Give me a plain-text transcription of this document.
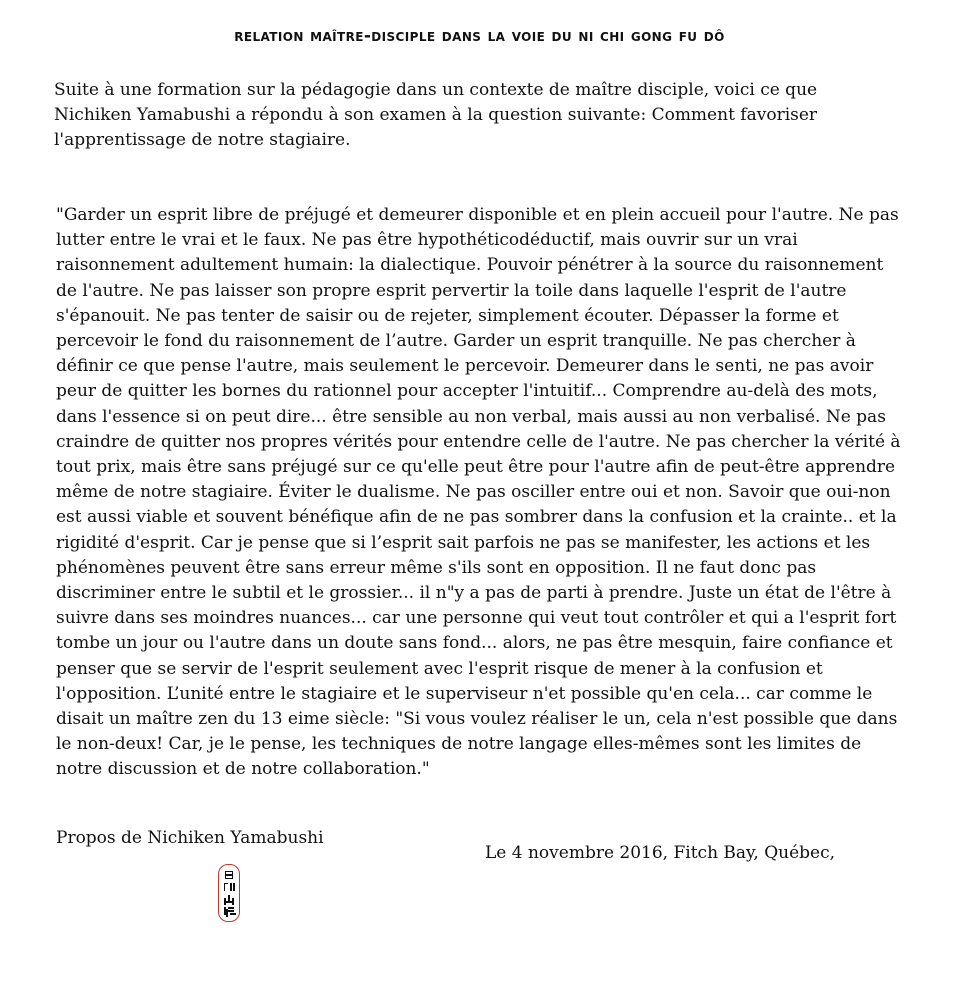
relation maître-disciple dans la voie du ni chi gong fu dô

Suite à une formation sur la pédagogie dans un contexte de maître disciple, voici ce que Nichiken Yamabushi a répondu à son examen à la question suivante: Comment favoriser l'apprentissage de notre stagiaire.

"Garder un esprit libre de préjugé et demeurer disponible et en plein accueil pour l'autre. Ne pas lutter entre le vrai et le faux. Ne pas être hypothéticodéductif, mais ouvrir sur un vrai raisonnement adultement humain: la dialectique. Pouvoir pénétrer à la source du raisonnement de l'autre. Ne pas laisser son propre esprit pervertir la toile dans laquelle l'esprit de l'autre s'épanouit. Ne pas tenter de saisir ou de rejeter, simplement écouter. Dépasser la forme et percevoir le fond du raisonnement de l’autre. Garder un esprit tranquille. Ne pas chercher à définir ce que pense l'autre, mais seulement le percevoir. Demeurer dans le senti, ne pas avoir peur de quitter les bornes du rationnel pour accepter l'intuitif... Comprendre au-delà des mots, dans l'essence si on peut dire... être sensible au non verbal, mais aussi au non verbalisé. Ne pas craindre de quitter nos propres vérités pour entendre celle de l'autre. Ne pas chercher la vérité à tout prix, mais être sans préjugé sur ce qu'elle peut être pour l'autre afin de peut-être apprendre même de notre stagiaire. Éviter le dualisme. Ne pas osciller entre oui et non. Savoir que oui-non est aussi viable et souvent bénéfique afin de ne pas sombrer dans la confusion et la crainte.. et la rigidité d'esprit. Car je pense que si l’esprit sait parfois ne pas se manifester, les actions et les phénomènes peuvent être sans erreur même s'ils sont en opposition. Il ne faut donc pas discriminer entre le subtil et le grossier... il n"y a pas de parti à prendre. Juste un état de l'être à suivre dans ses moindres nuances... car une personne qui veut tout contrôler et qui a l'esprit fort tombe un jour ou l'autre dans un doute sans fond... alors, ne pas être mesquin, faire confiance et penser que se servir de l'esprit seulement avec l'esprit risque de mener à la confusion et l'opposition. L’unité entre le stagiaire et le superviseur n'et possible qu'en cela... car comme le disait un maître zen du 13 eime siècle: "Si vous voulez réaliser le un, cela n'est possible que dans le non-deux! Car, je le pense, les techniques de notre langage elles-mêmes sont les limites de notre discussion et de notre collaboration."

Propos de Nichiken Yamabushi
Le 4 novembre 2016, Fitch Bay, Québec,
